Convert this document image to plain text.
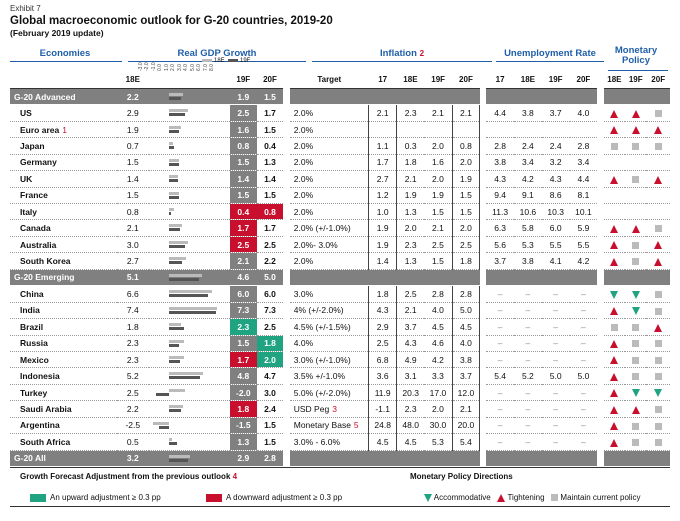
Exhibit 7
Global macroeconomic outlook for G-20 countries, 2019-20
(February 2019 update)
Economies	Real GDP Growth	Inflation 2	Unemployment Rate	Monetary Policy
18E	19F
-3.0 -2.0 -1.0 0.0 1.0 2.0 3.0 4.0 5.0 6.0 7.0 8.0
	18E		19F	20F		Target	17	18E	19F	20F		17	18E	19F	20F		18E	19F	20F
G-20 Advanced	2.2		1.9	1.5															
US	2.9		2.5	1.7		2.0%	2.1	2.3	2.1	2.1		4.4	3.8	3.7	4.0				
Euro area 1	1.9		1.6	1.5		2.0%													
Japan	0.7		0.8	0.4		2.0%	1.1	0.3	2.0	0.8		2.8	2.4	2.4	2.8				
Germany	1.5		1.5	1.3		2.0%	1.7	1.8	1.6	2.0		3.8	3.4	3.2	3.4				
UK	1.4		1.4	1.4		2.0%	2.7	2.1	2.0	1.9		4.3	4.2	4.3	4.4				
France	1.5		1.5	1.5		2.0%	1.2	1.9	1.9	1.5		9.4	9.1	8.6	8.1				
Italy	0.8		0.4	0.8		2.0%	1.0	1.3	1.5	1.5		11.3	10.6	10.3	10.1				
Canada	2.1		1.7	1.7		2.0% (+/-1.0%)	1.9	2.0	2.1	2.0		6.3	5.8	6.0	5.9				
Australia	3.0		2.5	2.5		2.0%- 3.0%	1.9	2.3	2.5	2.5		5.6	5.3	5.5	5.5				
South Korea	2.7		2.1	2.2		2.0%	1.4	1.3	1.5	1.8		3.7	3.8	4.1	4.2				
G-20 Emerging	5.1		4.6	5.0															
China	6.6		6.0	6.0		3.0%	1.8	2.5	2.8	2.8		–	–	–	–				
India	7.4		7.3	7.3		4% (+/-2.0%)	4.3	2.1	4.0	5.0		–	–	–	–				
Brazil	1.8		2.3	2.5		4.5% (+/-1.5%)	2.9	3.7	4.5	4.5		–	–	–	–				
Russia	2.3		1.5	1.8		4.0%	2.5	4.3	4.6	4.0		–	–	–	–				
Mexico	2.3		1.7	2.0		3.0% (+/-1.0%)	6.8	4.9	4.2	3.8		–	–	–	–				
Indonesia	5.2		4.8	4.7		3.5% +/-1.0%	3.6	3.1	3.3	3.7		5.4	5.2	5.0	5.0				
Turkey	2.5		-2.0	3.0		5.0% (+/-2.0%)	11.9	20.3	17.0	12.0		–	–	–	–				
Saudi Arabia	2.2		1.8	2.4		USD Peg 3	-1.1	2.3	2.0	2.1		–	–	–	–				
Argentina	-2.5		-1.5	1.5		Monetary Base 5	24.8	48.0	30.0	20.0		–	–	–	–				
South Africa	0.5		1.3	1.5		3.0% - 6.0%	4.5	4.5	5.3	5.4		–	–	–	–				
G-20 All	3.2		2.9	2.8															
Growth Forecast Adjustment from the previous outlook 4	Monetary Policy Directions
An upward adjustment ≥ 0.3 pp	A downward adjustment ≥ 0.3 pp	Accommodative Tightening Maintain current policy
